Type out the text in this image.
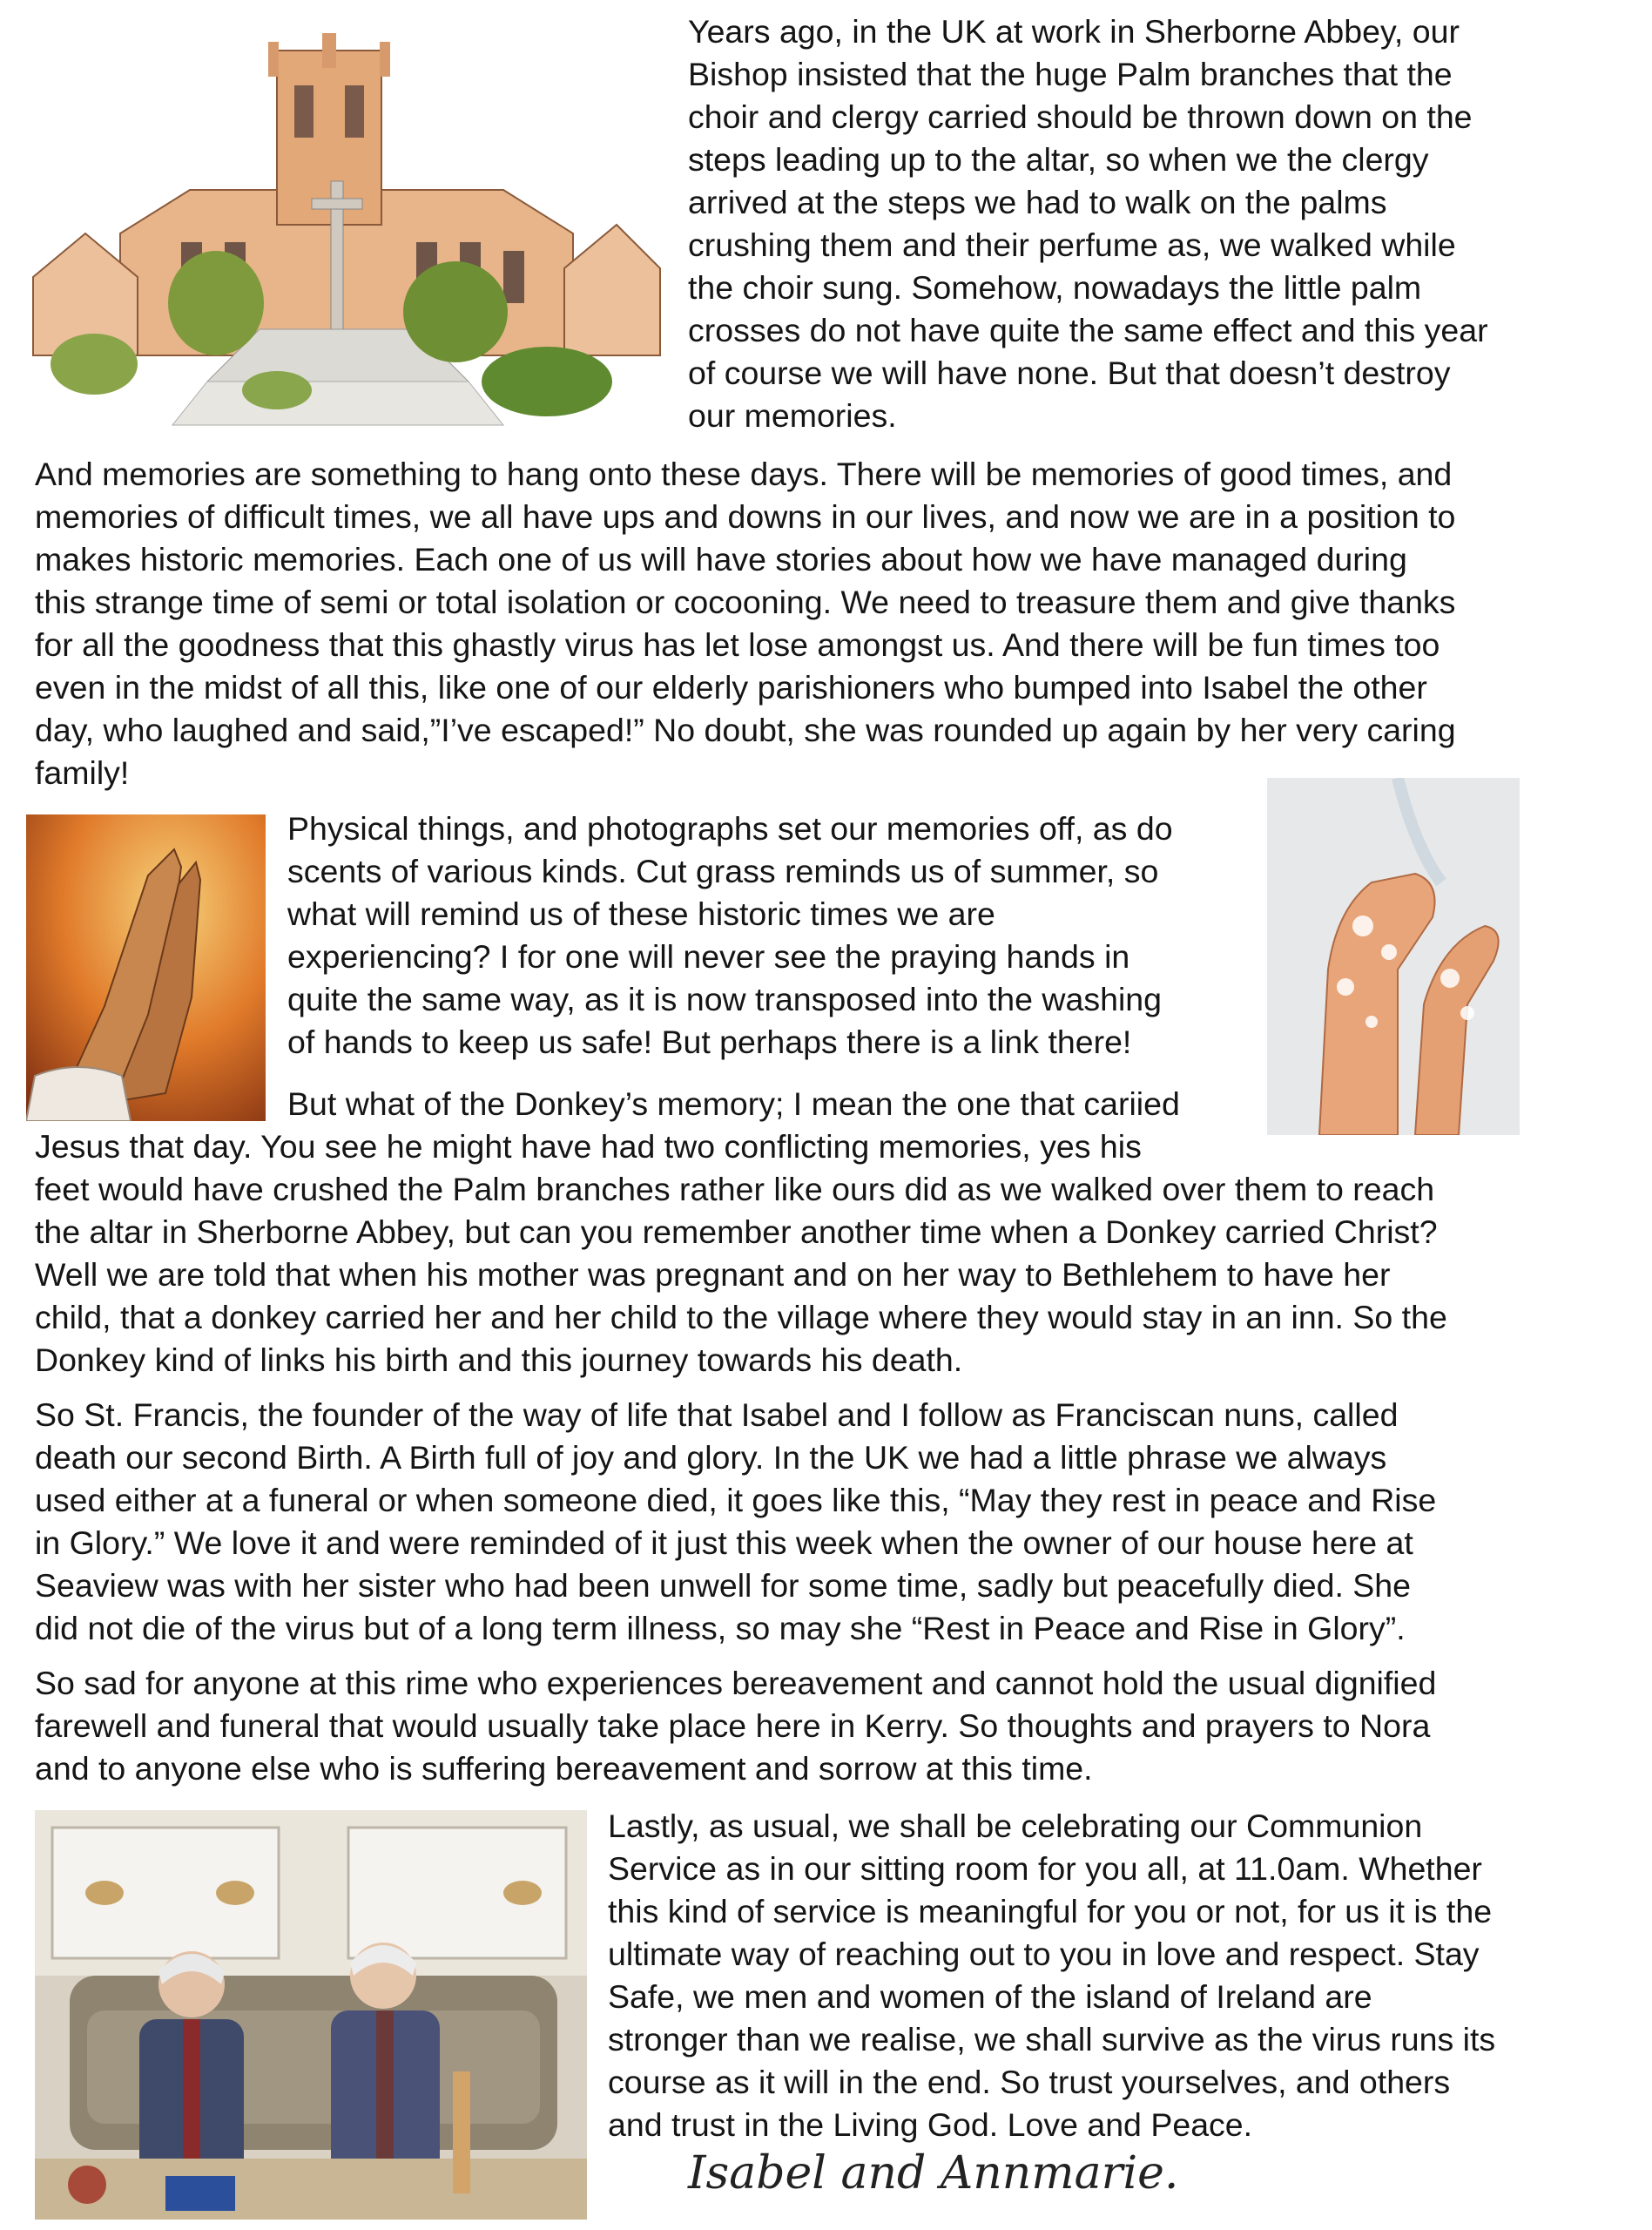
Years ago, in the UK at work in Sherborne Abbey, our
Bishop insisted that the huge Palm branches that the
choir and clergy carried should be thrown down on the
steps leading up to the altar, so when we the clergy
arrived at the steps we had to walk on the palms
crushing them and their perfume as, we walked while
the choir sung. Somehow, nowadays the little palm
crosses do not have quite the same effect and this year
of course we will have none. But that doesn’t destroy
our memories.

And memories are something to hang onto these days. There will be memories of good times, and
memories of difficult times, we all have ups and downs in our lives, and now we are in a position to
makes historic memories. Each one of us will have stories about how we have managed during
this strange time of semi or total isolation or cocooning. We need to treasure them and give thanks
for all the goodness that this ghastly virus has let lose amongst us. And there will be fun times too
even in the midst of all this, like one of our elderly parishioners who bumped into Isabel the other
day, who laughed and said,”I’ve escaped!” No doubt, she was rounded up again by her very caring
family!

Physical things, and photographs set our memories off, as do
scents of various kinds. Cut grass reminds us of summer, so
what will remind us of these historic times we are
experiencing? I for one will never see the praying hands in
quite the same way, as it is now transposed into the washing
of hands to keep us safe! But perhaps there is a link there!

But what of the Donkey’s memory; I mean the one that cariied

Jesus that day. You see he might have had two conflicting memories, yes his
feet would have crushed the Palm branches rather like ours did as we walked over them to reach
the altar in Sherborne Abbey, but can you remember another time when a Donkey carried Christ?
Well we are told that when his mother was pregnant and on her way to Bethlehem to have her
child, that a donkey carried her and her child to the village where they would stay in an inn. So the
Donkey kind of links his birth and this journey towards his death.

So St. Francis, the founder of the way of life that Isabel and I follow as Franciscan nuns, called
death our second Birth. A Birth full of joy and glory. In the UK we had a little phrase we always
used either at a funeral or when someone died, it goes like this, “May they rest in peace and Rise
in Glory.” We love it and were reminded of it just this week when the owner of our house here at
Seaview was with her sister who had been unwell for some time, sadly but peacefully died. She
did not die of the virus but of a long term illness, so may she “Rest in Peace and Rise in Glory”.

So sad for anyone at this rime who experiences bereavement and cannot hold the usual dignified
farewell and funeral that would usually take place here in Kerry. So thoughts and prayers to Nora
and to anyone else who is suffering bereavement and sorrow at this time.

Lastly, as usual, we shall be celebrating our Communion
Service as in our sitting room for you all, at 11.0am. Whether
this kind of service is meaningful for you or not, for us it is the
ultimate way of reaching out to you in love and respect. Stay
Safe, we men and women of the island of Ireland are
stronger than we realise, we shall survive as the virus runs its
course as it will in the end. So trust yourselves, and others
and trust in the Living God. Love and Peace.

Isabel and Annmarie.
